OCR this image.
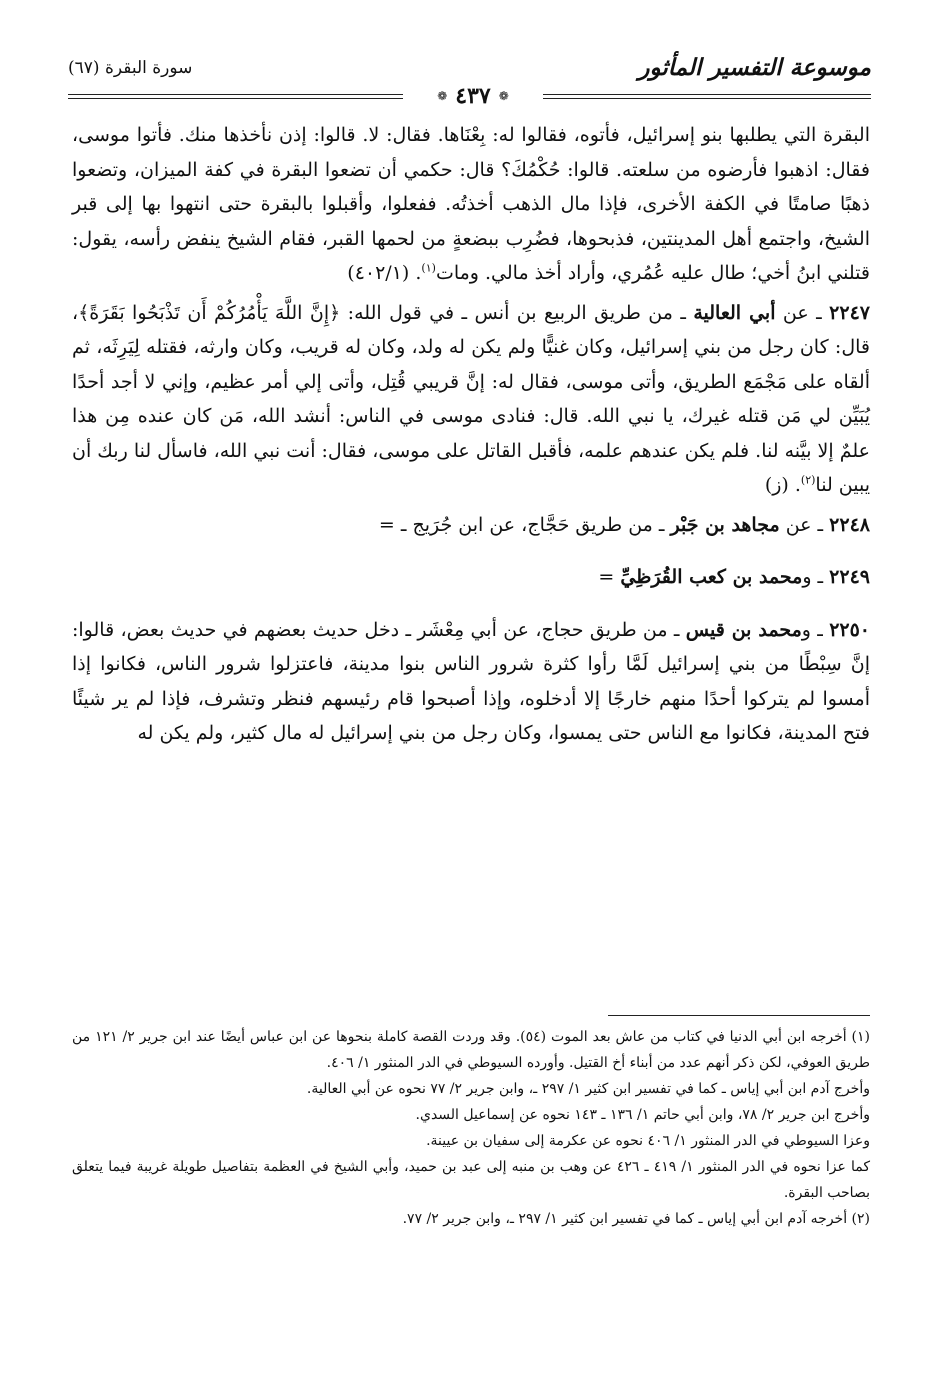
موسوعة التفسير المأثور
سورة البقرة (٦٧)
❁
٤٣٧
❁

البقرة التي يطلبها بنو إسرائيل، فأتوه، فقالوا له: بِعْنَاها. فقال: لا. قالوا: إذن نأخذها منك. فأتوا موسى، فقال: اذهبوا فأرضوه من سلعته. قالوا: حُكْمُكَ؟ قال: حكمي أن تضعوا البقرة في كفة الميزان، وتضعوا ذهبًا صامتًا في الكفة الأخرى، فإذا مال الذهب أخذتُه. ففعلوا، وأقبلوا بالبقرة حتى انتهوا بها إلى قبر الشيخ، واجتمع أهل المدينتين، فذبحوها، فضُرِب ببضعةٍ من لحمها القبر، فقام الشيخ ينفض رأسه، يقول: قتلني ابنُ أخي؛ طال عليه عُمُري، وأراد أخذ مالي. ومات$^{(١)}$. (٤٠٢/١)

٢٢٤٧ ـ عن أبي العالية ـ من طريق الربيع بن أنس ـ في قول الله: ﴿إِنَّ اللَّهَ يَأْمُرُكُمْ أَن تَذْبَحُوا بَقَرَةً﴾، قال: كان رجل من بني إسرائيل، وكان غنيًّا ولم يكن له ولد، وكان له قريب، وكان وارثه، فقتله لِيَرِثَه، ثم ألقاه على مَجْمَع الطريق، وأتى موسى، فقال له: إنَّ قريبي قُتِل، وأتى إلي أمر عظيم، وإني لا أجد أحدًا يُبَيِّن لي مَن قتله غيرك، يا نبي الله. قال: فنادى موسى في الناس: أنشد الله، مَن كان عنده مِن هذا علمٌ إلا بيَّنه لنا. فلم يكن عندهم علمه، فأقبل القاتل على موسى، فقال: أنت نبي الله، فاسأل لنا ربك أن يبين لنا$^{(٢)}$. (ز)

٢٢٤٨ ـ عن مجاهد بن جَبْر ـ من طريق حَجَّاج، عن ابن جُرَيج ـ =

٢٢٤٩ ـ ومحمد بن كعب القُرَظِيِّ =

٢٢٥٠ ـ ومحمد بن قيس ـ من طريق حجاج، عن أبي مِعْشَر ـ دخل حديث بعضهم في حديث بعض، قالوا: إنَّ سِبْطًا من بني إسرائيل لَمَّا رأوا كثرة شرور الناس بنوا مدينة، فاعتزلوا شرور الناس، فكانوا إذا أمسوا لم يتركوا أحدًا منهم خارجًا إلا أدخلوه، وإذا أصبحوا قام رئيسهم فنظر وتشرف، فإذا لم ير شيئًا فتح المدينة، فكانوا مع الناس حتى يمسوا، وكان رجل من بني إسرائيل له مال كثير، ولم يكن له

(١) أخرجه ابن أبي الدنيا في كتاب من عاش بعد الموت (٥٤). وقد وردت القصة كاملة بنحوها عن ابن عباس أيضًا عند ابن جرير ٢/ ١٢١ من طريق العوفي، لكن ذكر أنهم عدد من أبناء أخ القتيل. وأورده السيوطي في الدر المنثور ١/ ٤٠٦.

وأخرج آدم ابن أبي إياس ـ كما في تفسير ابن كثير ١/ ٢٩٧ ـ، وابن جرير ٢/ ٧٧ نحوه عن أبي العالية.

وأخرج ابن جرير ٢/ ٧٨، وابن أبي حاتم ١/ ١٣٦ ـ ١٤٣ نحوه عن إسماعيل السدي.

وعزا السيوطي في الدر المنثور ١/ ٤٠٦ نحوه عن عكرمة إلى سفيان بن عيينة.

كما عزا نحوه في الدر المنثور ١/ ٤١٩ ـ ٤٢٦ عن وهب بن منبه إلى عبد بن حميد، وأبي الشيخ في العظمة بتفاصيل طويلة غريبة فيما يتعلق بصاحب البقرة.

(٢) أخرجه آدم ابن أبي إياس ـ كما في تفسير ابن كثير ١/ ٢٩٧ ـ، وابن جرير ٢/ ٧٧.
